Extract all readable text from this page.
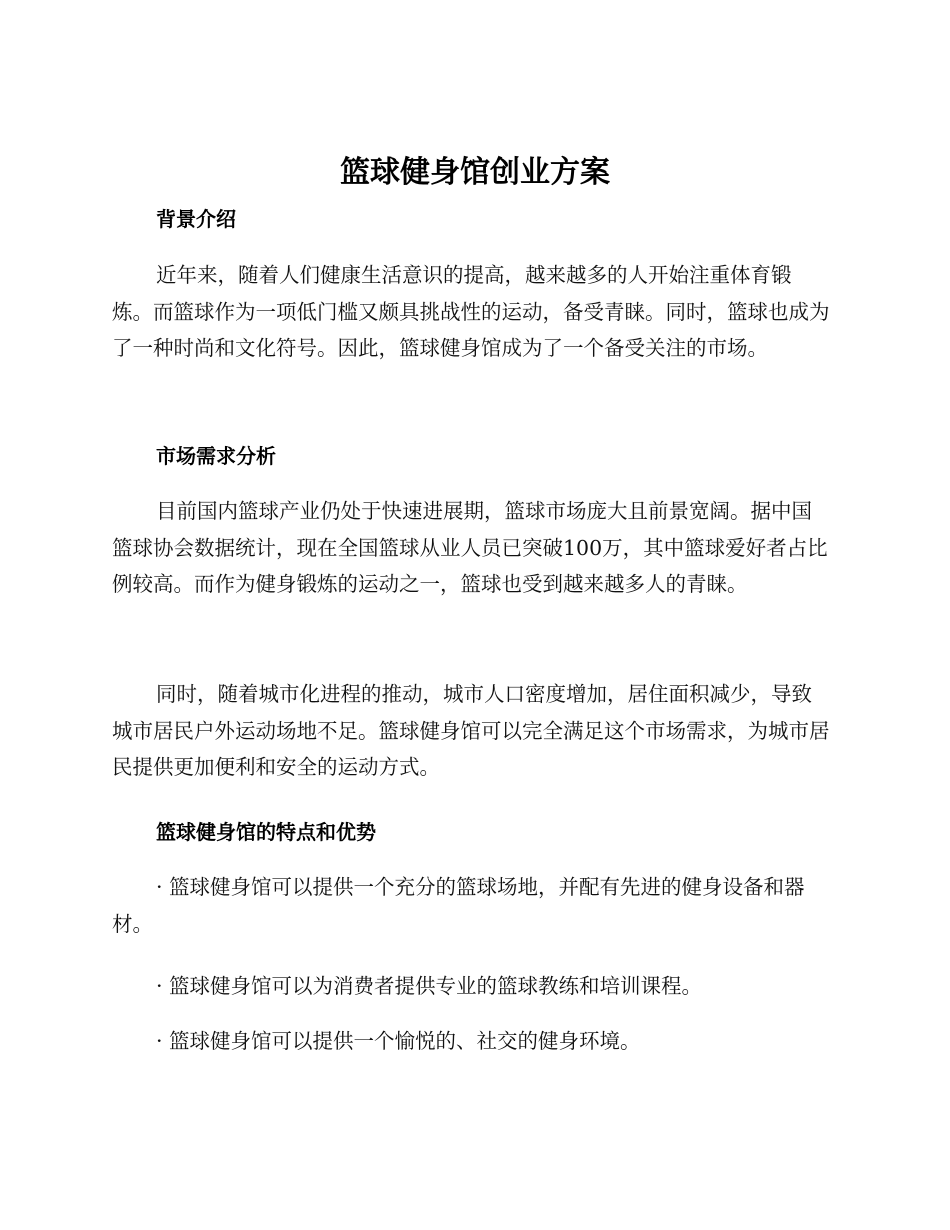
篮球健身馆创业方案
背景介绍

近年来，随着人们健康生活意识的提高，越来越多的人开始注重体育锻炼。而篮球作为一项低门槛又颇具挑战性的运动，备受青睐。同时，篮球也成为了一种时尚和文化符号。因此，篮球健身馆成为了一个备受关注的市场。

市场需求分析

目前国内篮球产业仍处于快速进展期，篮球市场庞大且前景宽阔。据中国篮球协会数据统计，现在全国篮球从业人员已突破100万，其中篮球爱好者占比例较高。而作为健身锻炼的运动之一，篮球也受到越来越多人的青睐。

同时，随着城市化进程的推动，城市人口密度增加，居住面积减少，导致城市居民户外运动场地不足。篮球健身馆可以完全满足这个市场需求，为城市居民提供更加便利和安全的运动方式。

篮球健身馆的特点和优势

· 篮球健身馆可以提供一个充分的篮球场地，并配有先进的健身设备和器材。

· 篮球健身馆可以为消费者提供专业的篮球教练和培训课程。

· 篮球健身馆可以提供一个愉悦的、社交的健身环境。
